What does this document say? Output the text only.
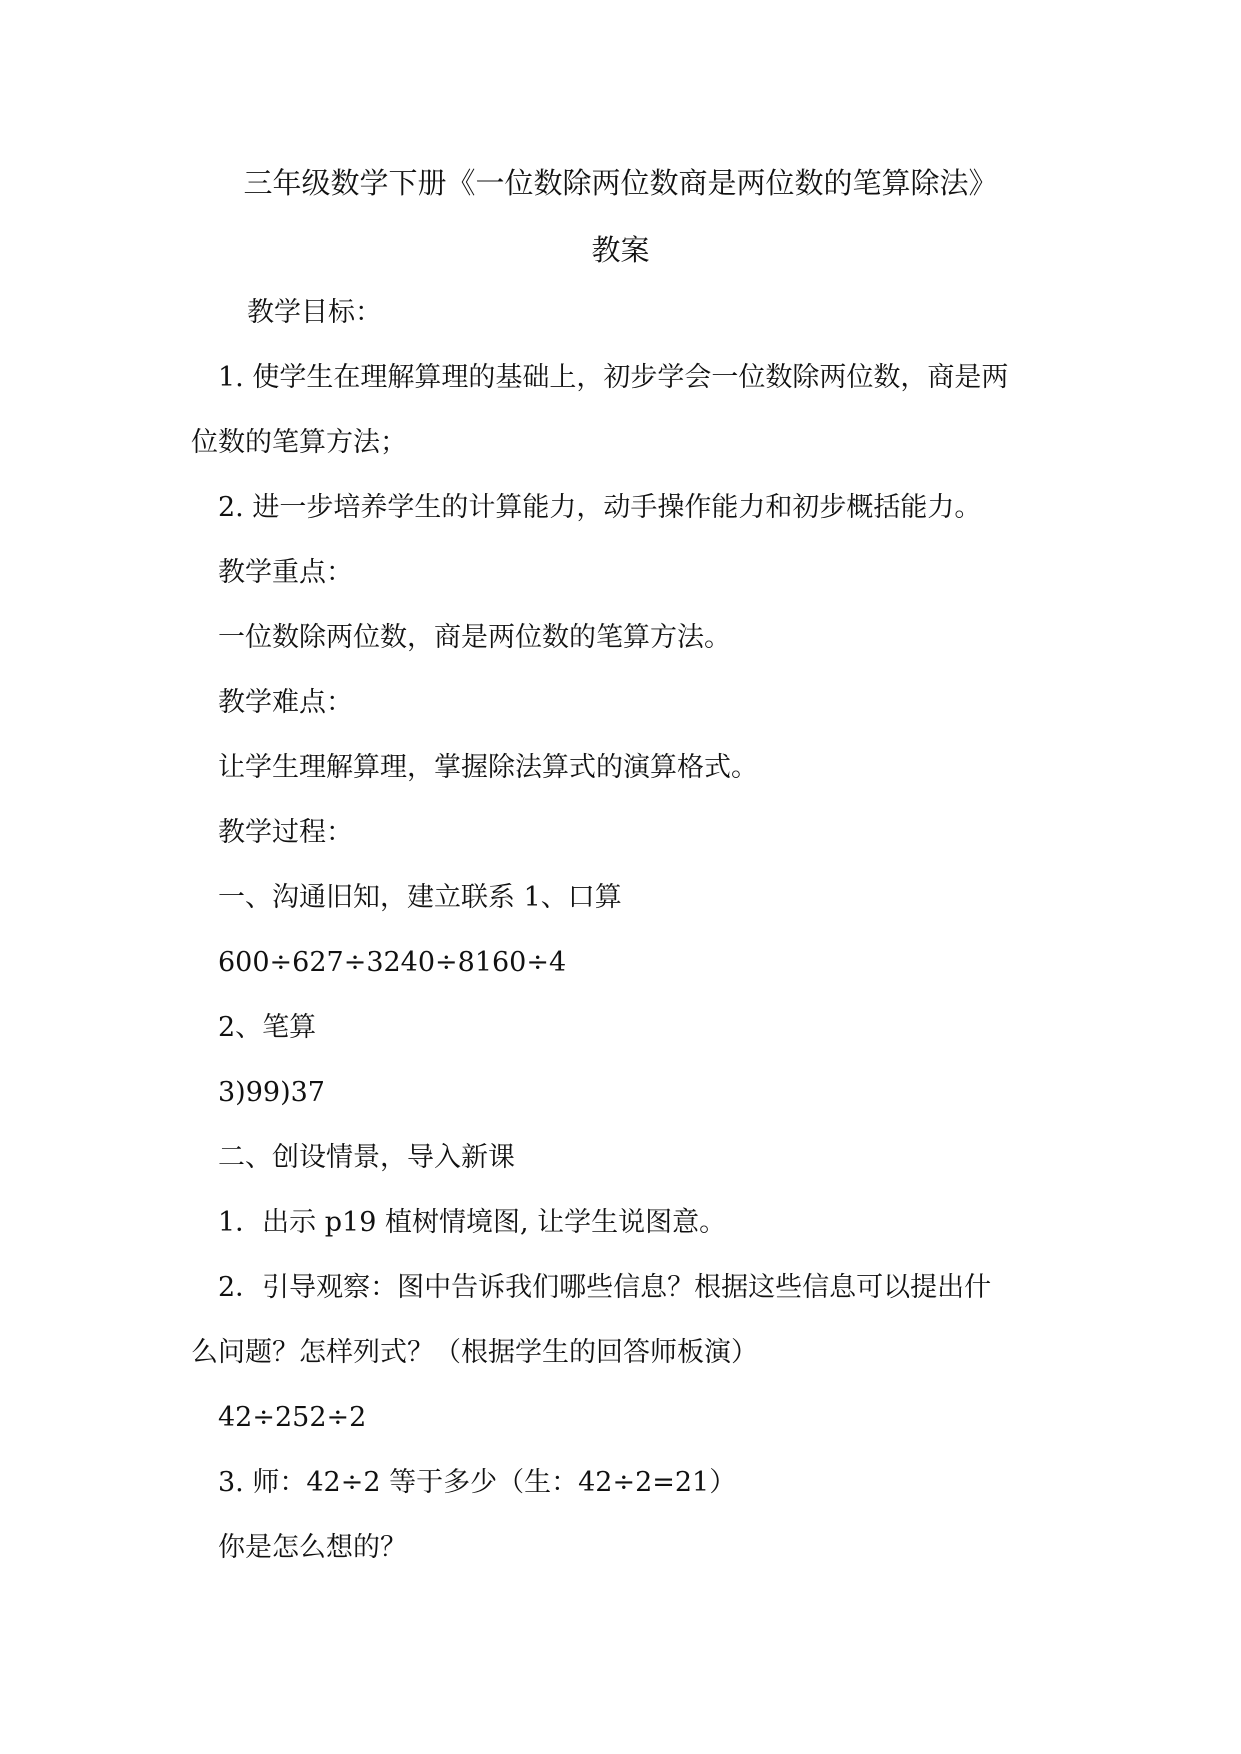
三年级数学下册《一位数除两位数商是两位数的笔算除法》
教案
教学目标：
1. 使学生在理解算理的基础上，初步学会一位数除两位数，商是两
位数的笔算方法；
2. 进一步培养学生的计算能力，动手操作能力和初步概括能力。
教学重点：
一位数除两位数，商是两位数的笔算方法。
教学难点：
让学生理解算理，掌握除法算式的演算格式。
教学过程：
一、沟通旧知，建立联系 1、口算
600÷627÷3240÷8160÷4
2、笔算
3)99)37
二、创设情景，导入新课
1．出示 p19 植树情境图, 让学生说图意。
2．引导观察：图中告诉我们哪些信息？根据这些信息可以提出什
么问题？怎样列式？（根据学生的回答师板演）
42÷252÷2
3. 师：42÷2 等于多少（生：42÷2=21）
你是怎么想的？
